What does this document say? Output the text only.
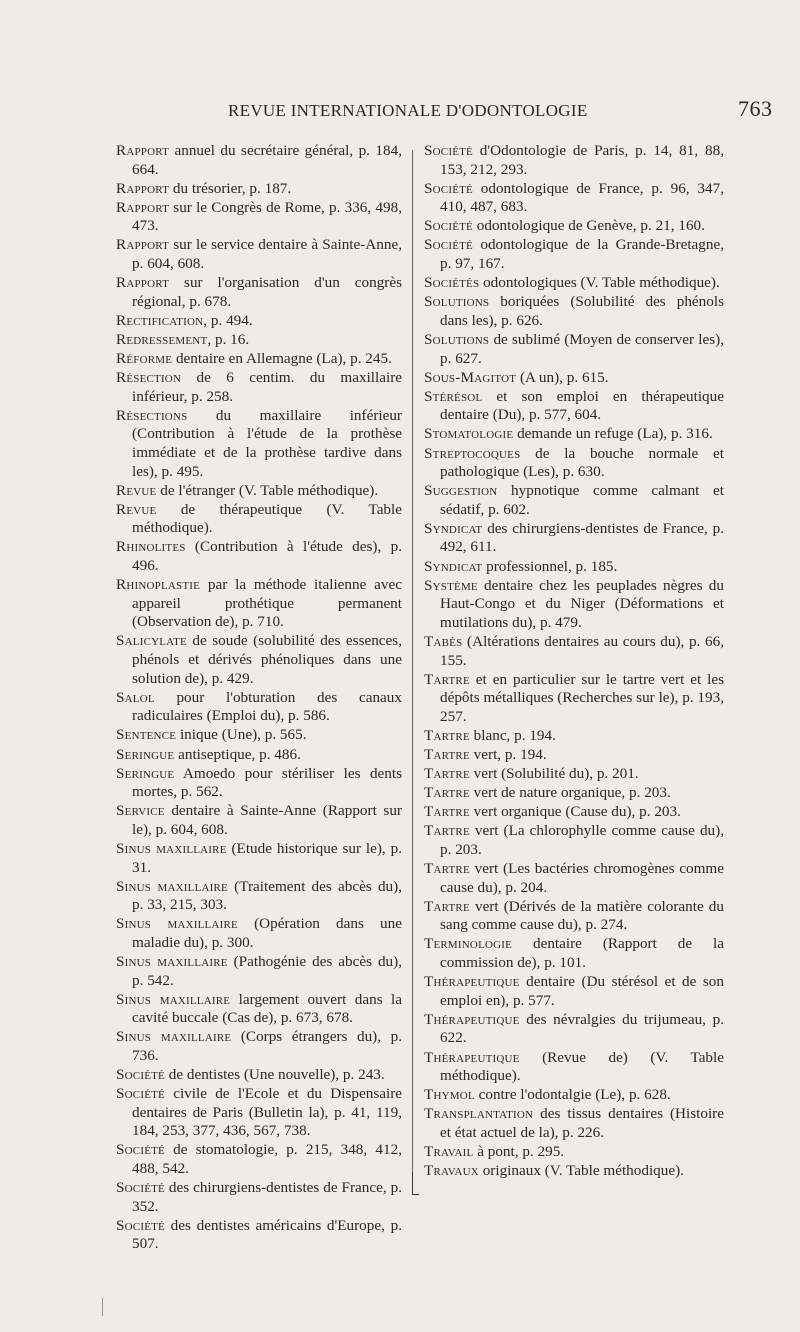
REVUE INTERNATIONALE D'ODONTOLOGIE	763

Rapport annuel du secrétaire général, p. 184, 664.

Rapport du trésorier, p. 187.

Rapport sur le Congrès de Rome, p. 336, 498, 473.

Rapport sur le service dentaire à Sainte-Anne, p. 604, 608.

Rapport sur l'organisation d'un congrès régional, p. 678.

Rectification, p. 494.

Redressement, p. 16.

Réforme dentaire en Allemagne (La), p. 245.

Résection de 6 centim. du maxillaire inférieur, p. 258.

Résections du maxillaire inférieur (Contribution à l'étude de la prothèse immédiate et de la prothèse tardive dans les), p. 495.

Revue de l'étranger (V. Table méthodique).

Revue de thérapeutique (V. Table méthodique).

Rhinolites (Contribution à l'étude des), p. 496.

Rhinoplastie par la méthode italienne avec appareil prothétique permanent (Observation de), p. 710.

Salicylate de soude (solubilité des essences, phénols et dérivés phénoliques dans une solution de), p. 429.

Salol pour l'obturation des canaux radiculaires (Emploi du), p. 586.

Sentence inique (Une), p. 565.

Seringue antiseptique, p. 486.

Seringue Amoedo pour stériliser les dents mortes, p. 562.

Service dentaire à Sainte-Anne (Rapport sur le), p. 604, 608.

Sinus maxillaire (Etude historique sur le), p. 31.

Sinus maxillaire (Traitement des abcès du), p. 33, 215, 303.

Sinus maxillaire (Opération dans une maladie du), p. 300.

Sinus maxillaire (Pathogénie des abcès du), p. 542.

Sinus maxillaire largement ouvert dans la cavité buccale (Cas de), p. 673, 678.

Sinus maxillaire (Corps étrangers du), p. 736.

Société de dentistes (Une nouvelle), p. 243.

Société civile de l'Ecole et du Dispensaire dentaires de Paris (Bulletin la), p. 41, 119, 184, 253, 377, 436, 567, 738.

Société de stomatologie, p. 215, 348, 412, 488, 542.

Société des chirurgiens-dentistes de France, p. 352.

Société des dentistes américains d'Europe, p. 507.

Société d'Odontologie de Paris, p. 14, 81, 88, 153, 212, 293.

Société odontologique de France, p. 96, 347, 410, 487, 683.

Société odontologique de Genève, p. 21, 160.

Société odontologique de la Grande-Bretagne, p. 97, 167.

Sociétés odontologiques (V. Table méthodique).

Solutions boriquées (Solubilité des phénols dans les), p. 626.

Solutions de sublimé (Moyen de conserver les), p. 627.

Sous-Magitot (A un), p. 615.

Stérésol et son emploi en thérapeutique dentaire (Du), p. 577, 604.

Stomatologie demande un refuge (La), p. 316.

Streptocoques de la bouche normale et pathologique (Les), p. 630.

Suggestion hypnotique comme calmant et sédatif, p. 602.

Syndicat des chirurgiens-dentistes de France, p. 492, 611.

Syndicat professionnel, p. 185.

Système dentaire chez les peuplades nègres du Haut-Congo et du Niger (Déformations et mutilations du), p. 479.

Tabès (Altérations dentaires au cours du), p. 66, 155.

Tartre et en particulier sur le tartre vert et les dépôts métalliques (Recherches sur le), p. 193, 257.

Tartre blanc, p. 194.

Tartre vert, p. 194.

Tartre vert (Solubilité du), p. 201.

Tartre vert de nature organique, p. 203.

Tartre vert organique (Cause du), p. 203.

Tartre vert (La chlorophylle comme cause du), p. 203.

Tartre vert (Les bactéries chromogènes comme cause du), p. 204.

Tartre vert (Dérivés de la matière colorante du sang comme cause du), p. 274.

Terminologie dentaire (Rapport de la commission de), p. 101.

Thérapeutique dentaire (Du stérésol et de son emploi en), p. 577.

Thérapeutique des névralgies du trijumeau, p. 622.

Thérapeutique (Revue de) (V. Table méthodique).

Thymol contre l'odontalgie (Le), p. 628.

Transplantation des tissus dentaires (Histoire et état actuel de la), p. 226.

Travail à pont, p. 295.

Travaux originaux (V. Table méthodique).
